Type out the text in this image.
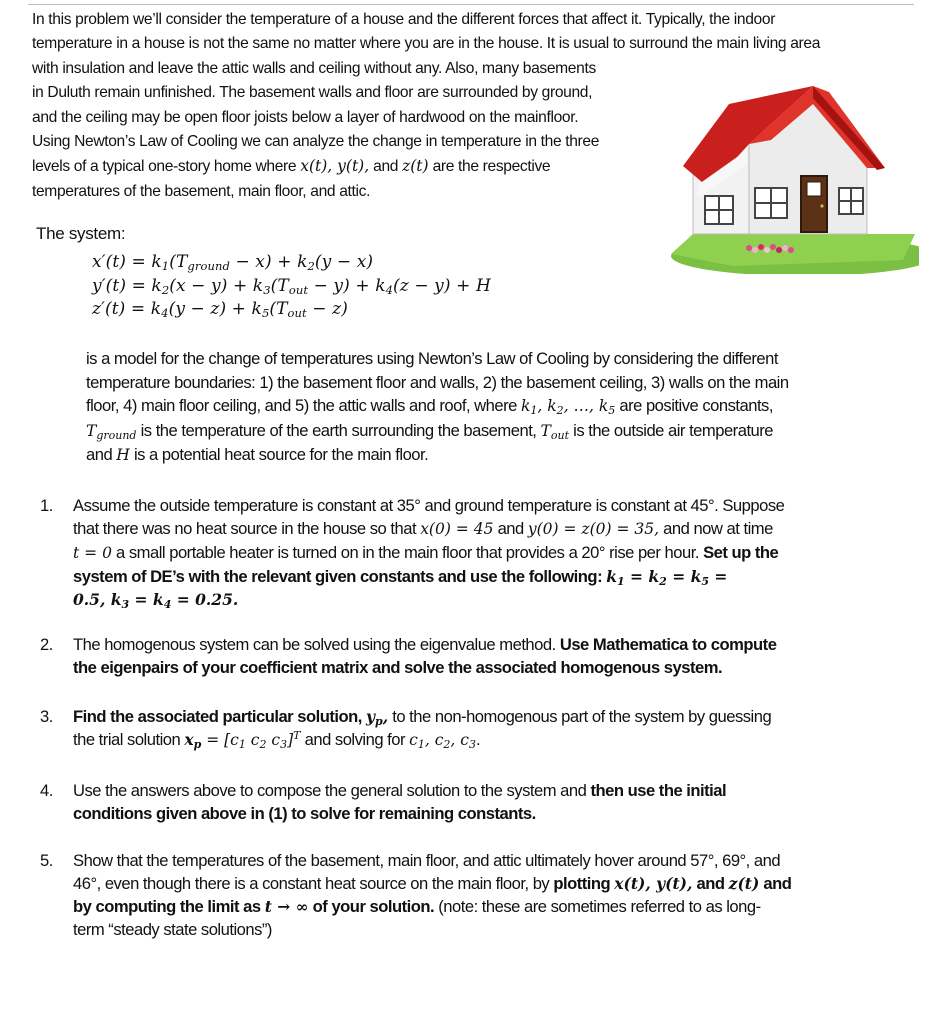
In this problem we’ll consider the temperature of a house and the different forces that affect it. Typically, the indoor
temperature in a house is not the same no matter where you are in the house. It is usual to surround the main living area
with insulation and leave the attic walls and ceiling without any. Also, many basements
in Duluth remain unfinished. The basement walls and floor are surrounded by ground,
and the ceiling may be open floor joists below a layer of hardwood on the mainfloor.
Using Newton’s Law of Cooling we can analyze the change in temperature in the three
levels of a typical one-story home where x(t), y(t), and z(t) are the respective
temperatures of the basement, main floor, and attic.
The system:
$x'(t) = k_1(T_{ground} - x) + k_2(y - x)$
$y'(t) = k_2(x - y) + k_3(T_{out} - y) + k_4(z - y) + H$
$z'(t) = k_4(y - z) + k_5(T_{out} - z)$
is a model for the change of temperatures using Newton’s Law of Cooling by considering the different
temperature boundaries: 1) the basement floor and walls, 2) the basement ceiling, 3) walls on the main
floor, 4) main floor ceiling, and 5) the attic walls and roof, where $k_1$, $k_2$, …, $k_5$ are positive constants,
$T_{ground}$ is the temperature of the earth surrounding the basement, $T_{out}$ is the outside air temperature
and H is a potential heat source for the main floor.
1.	Assume the outside temperature is constant at 35° and ground temperature is constant at 45°. Suppose
that there was no heat source in the house so that x(0) = 45 and y(0) = z(0) = 35, and now at time
t = 0 a small portable heater is turned on in the main floor that provides a 20° rise per hour. Set up the
system of DE’s with the relevant given constants and use the following: $k_1 = k_2 = k_5$ =
0.5, $k_3 = k_4 = 0.25$.
2.	The homogenous system can be solved using the eigenvalue method. Use Mathematica to compute
the eigenpairs of your coefficient matrix and solve the associated homogenous system.
3.	Find the associated particular solution, $y_p$, to the non-homogenous part of the system by guessing
the trial solution $x_p = [c_1$ $c_2$ $c_3]^T$ and solving for $c_1$, $c_2$, $c_3$.
4.	Use the answers above to compose the general solution to the system and then use the initial
conditions given above in (1) to solve for remaining constants.
5.	Show that the temperatures of the basement, main floor, and attic ultimately hover around 57°, 69°, and
46°, even though there is a constant heat source on the main floor, by plotting x(t), y(t), and z(t) and
by computing the limit as t → ∞ of your solution. (note: these are sometimes referred to as long-
term “steady state solutions”)
